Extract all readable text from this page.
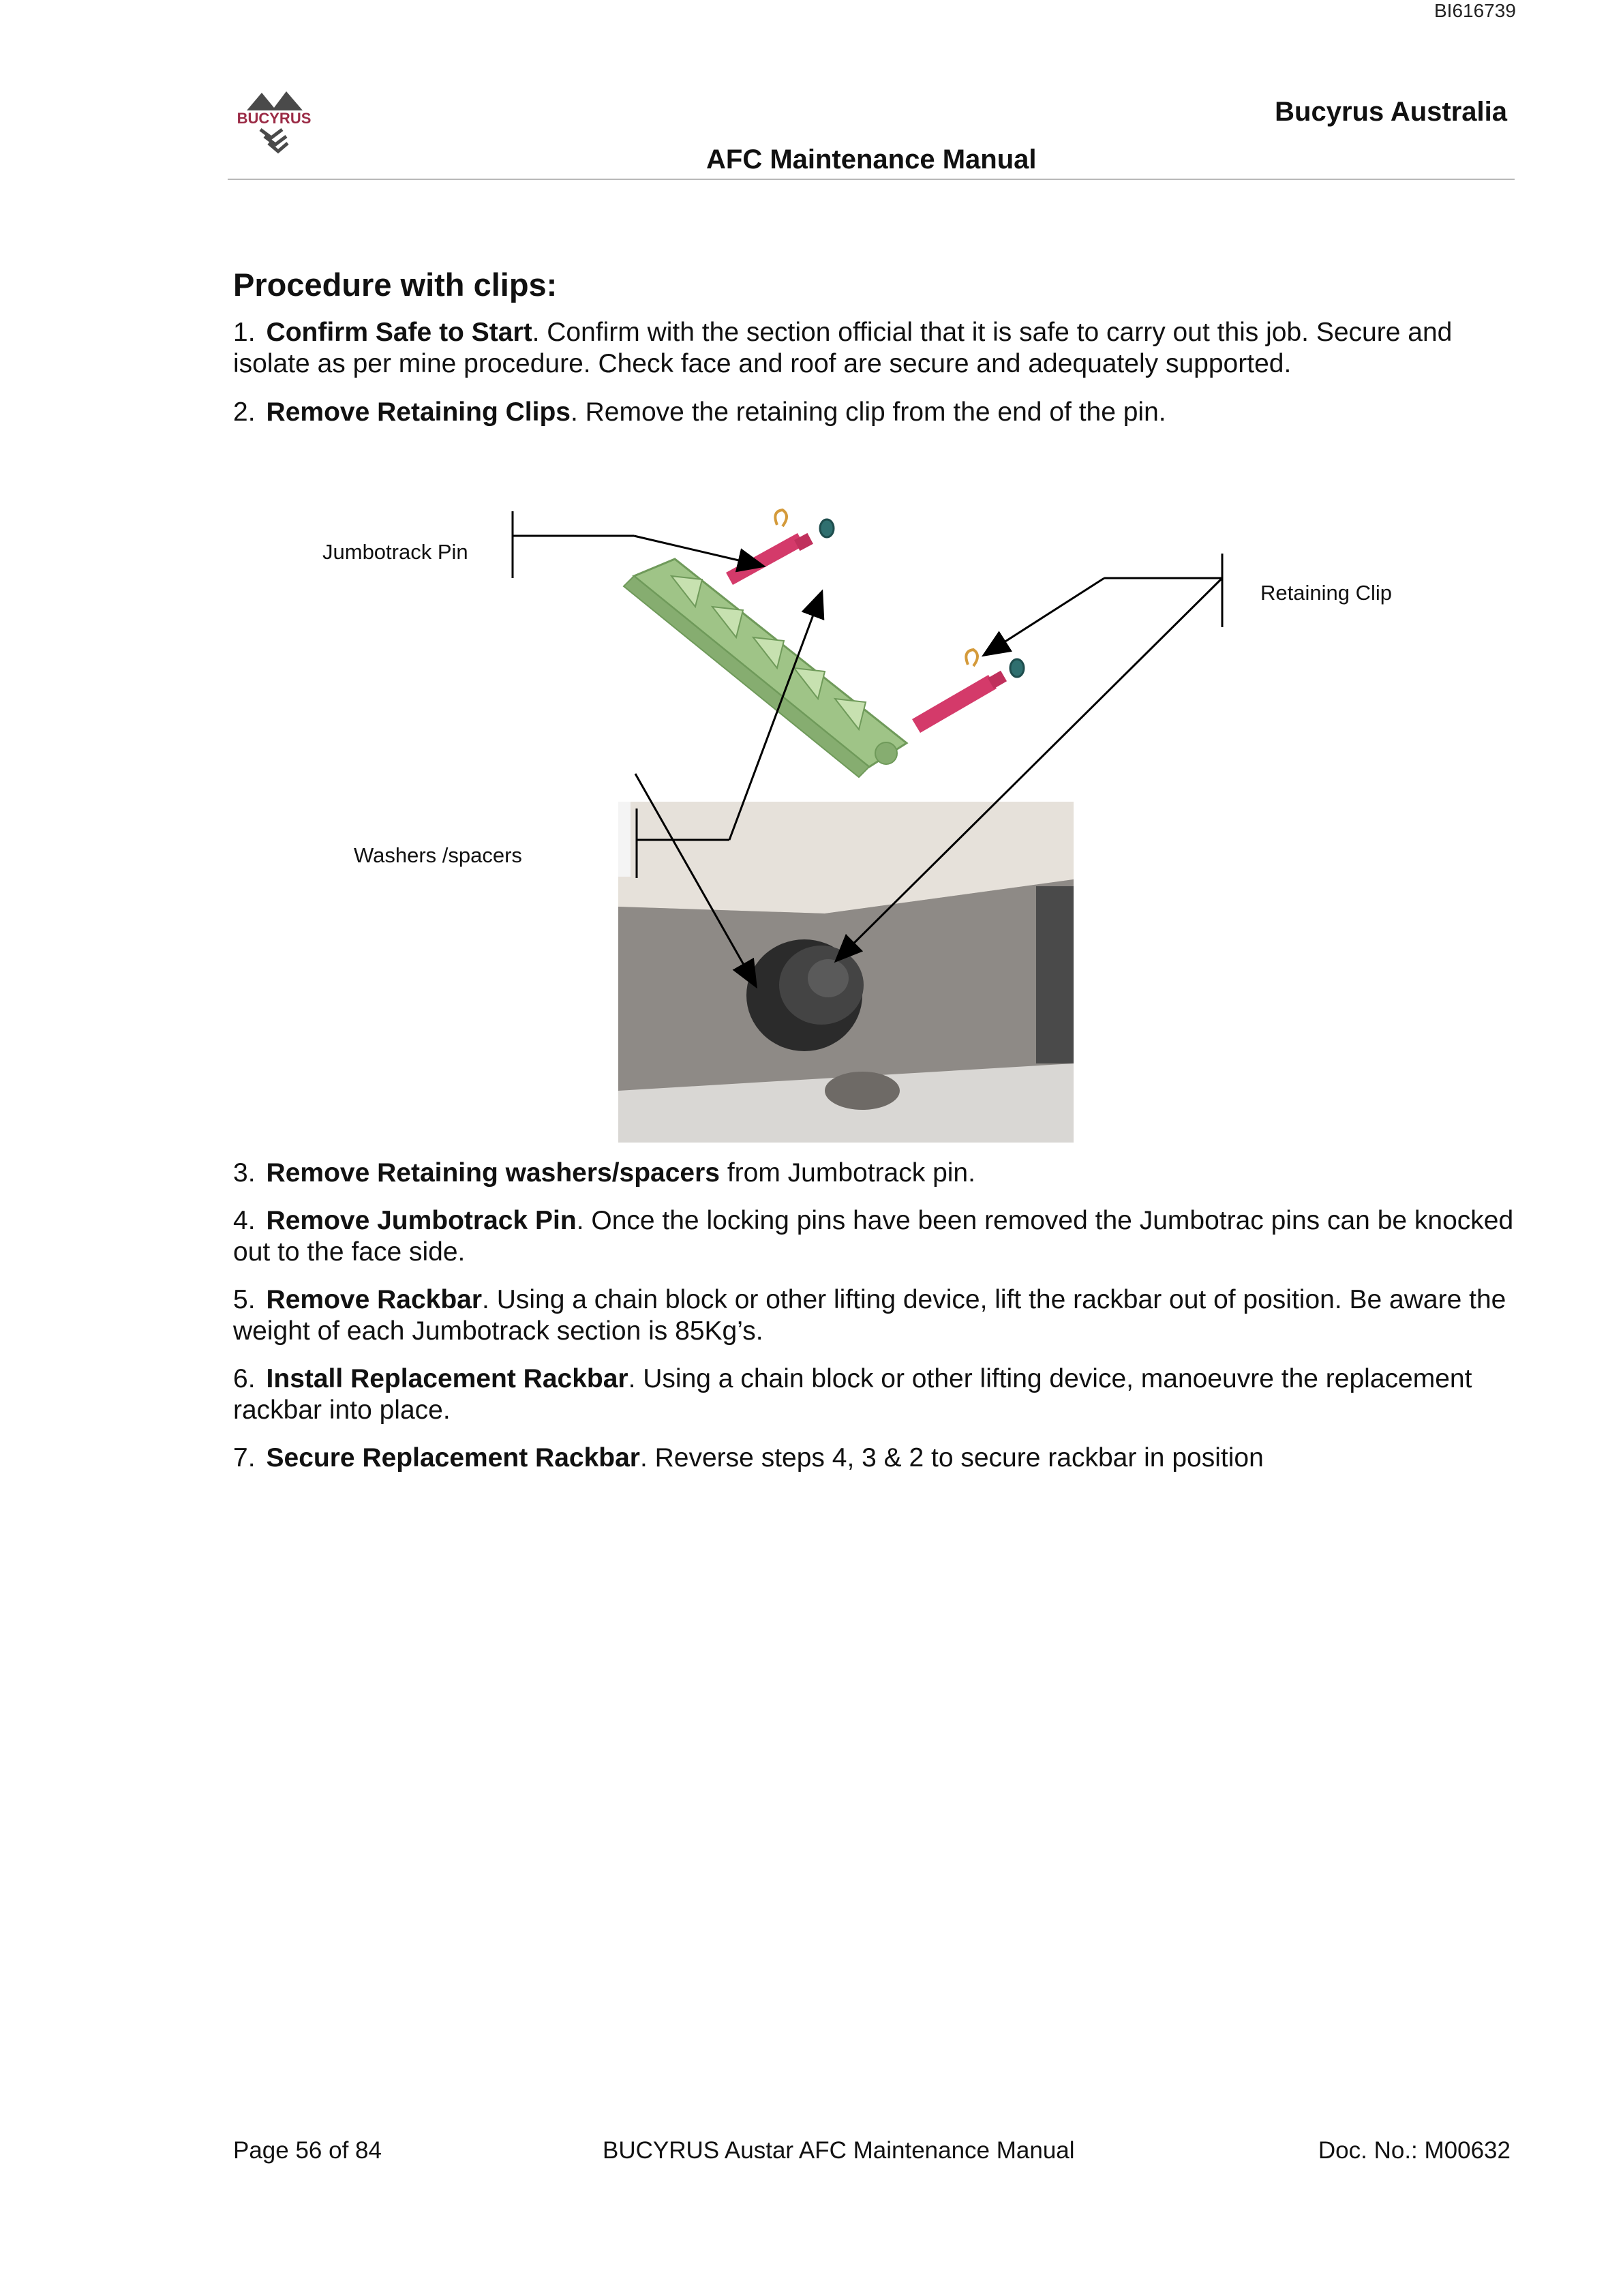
BI616739
BUCYRUS	Bucyrus Australia
AFC Maintenance Manual
Procedure with clips:
1. Confirm Safe to Start. Confirm with the section official that it is safe to carry out this job. Secure and isolate as per mine procedure. Check face and roof are secure and adequately supported.
2. Remove Retaining Clips. Remove the retaining clip from the end of the pin.
Jumbotrack Pin
Retaining Clip
Washers /spacers
3. Remove Retaining washers/spacers from Jumbotrack pin.
4. Remove Jumbotrack Pin. Once the locking pins have been removed the Jumbotrac pins can be knocked out to the face side.
5. Remove Rackbar. Using a chain block or other lifting device, lift the rackbar out of position. Be aware the weight of each Jumbotrack section is 85Kg’s.
6. Install Replacement Rackbar. Using a chain block or other lifting device, manoeuvre the replacement rackbar into place.
7. Secure Replacement Rackbar. Reverse steps 4, 3 & 2 to secure rackbar in position
Page 56 of 84	BUCYRUS Austar AFC Maintenance Manual	Doc. No.: M00632
